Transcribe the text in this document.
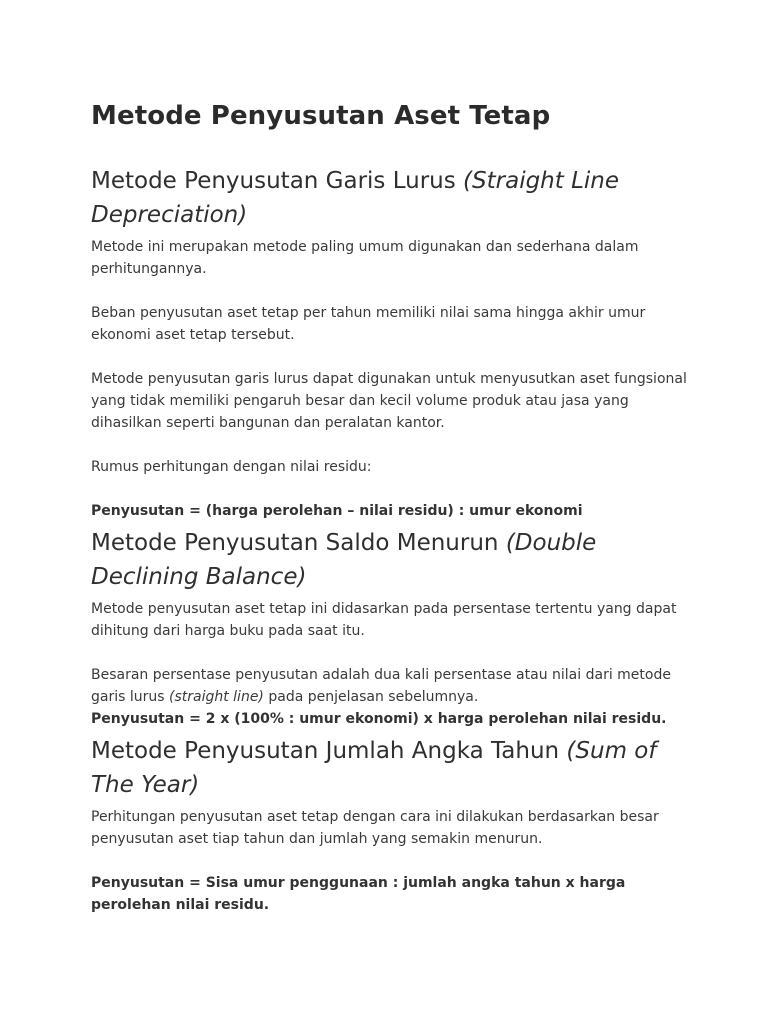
Metode Penyusutan Aset Tetap
Metode Penyusutan Garis Lurus (Straight Line Depreciation)

Metode ini merupakan metode paling umum digunakan dan sederhana dalam perhitungannya.

Beban penyusutan aset tetap per tahun memiliki nilai sama hingga akhir umur ekonomi aset tetap tersebut.

Metode penyusutan garis lurus dapat digunakan untuk menyusutkan aset fungsional yang tidak memiliki pengaruh besar dan kecil volume produk atau jasa yang dihasilkan seperti bangunan dan peralatan kantor.

Rumus perhitungan dengan nilai residu:

Penyusutan = (harga perolehan – nilai residu) : umur ekonomi

Metode Penyusutan Saldo Menurun (Double Declining Balance)

Metode penyusutan aset tetap ini didasarkan pada persentase tertentu yang dapat dihitung dari harga buku pada saat itu.

Besaran persentase penyusutan adalah dua kali persentase atau nilai dari metode garis lurus (straight line) pada penjelasan sebelumnya.

Penyusutan = 2 x (100% : umur ekonomi) x harga perolehan nilai residu.

Metode Penyusutan Jumlah Angka Tahun (Sum of The Year)

Perhitungan penyusutan aset tetap dengan cara ini dilakukan berdasarkan besar penyusutan aset tiap tahun dan jumlah yang semakin menurun.

Penyusutan = Sisa umur penggunaan : jumlah angka tahun x harga perolehan nilai residu.
